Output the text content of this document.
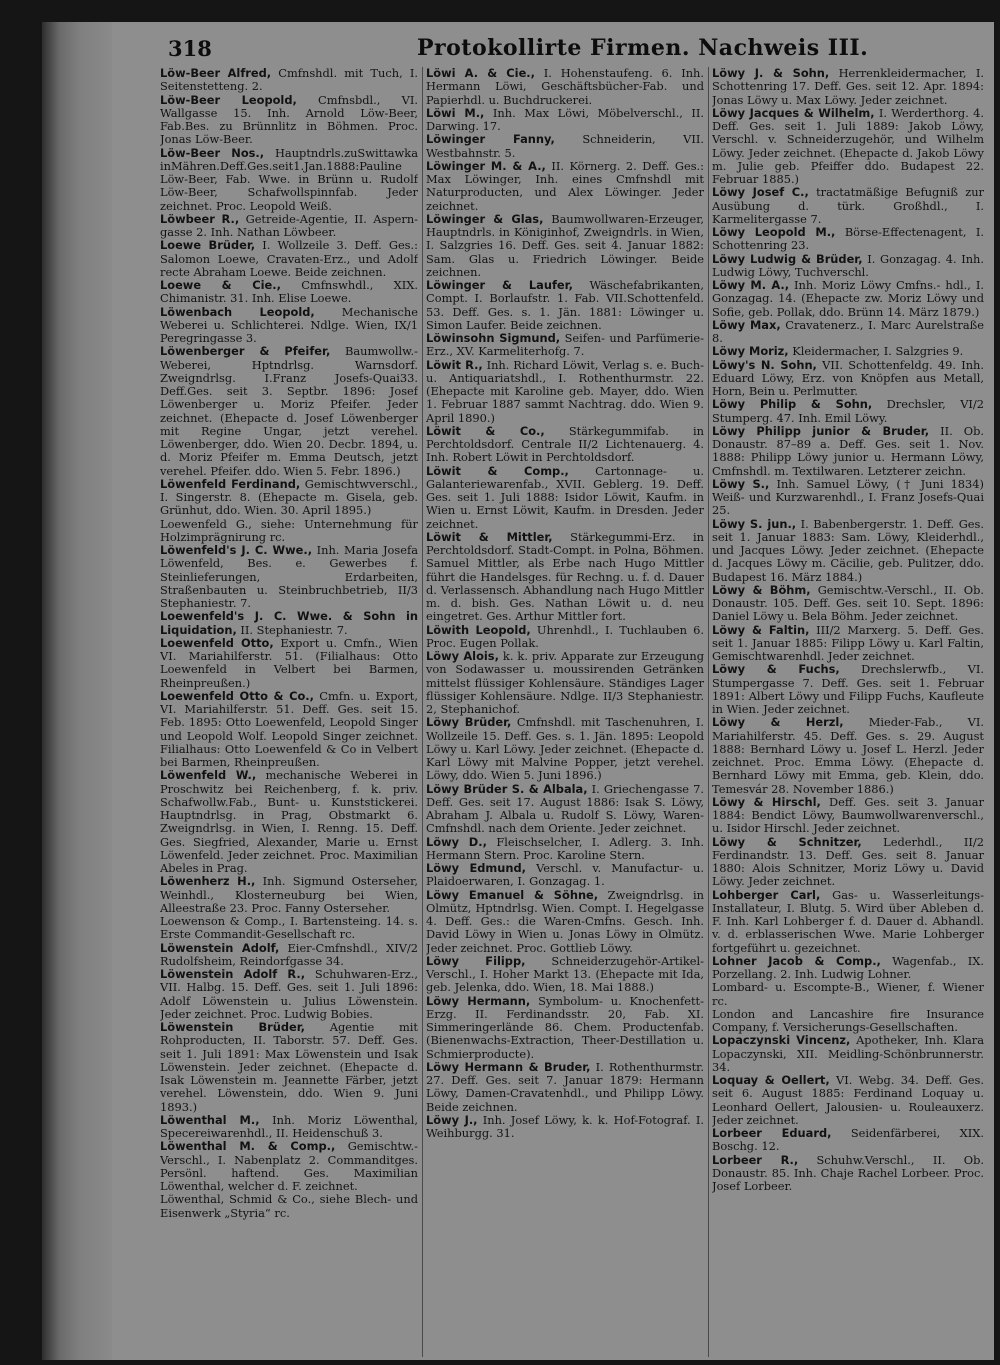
318	Protokollirte Firmen. Nachweis III.

Löw-Beer Alfred, Cmfnshdl. mit Tuch, I. Seitenstetteng. 2.

Löw-Beer Leopold, Cmfnsbdl., VI. Wallgasse 15. Inh. Arnold Löw-Beer, Fab.Bes. zu Brünnlitz in Böhmen. Proc. Jonas Löw-Beer.

Löw-Beer Nos., Hauptndrls.zuSwittawka inMähren.Deff.Ges.seit1.Jan.1888:Pauline Löw-Beer, Fab. Wwe. in Brünn u. Rudolf Löw-Beer, Schafwollspinnfab. Jeder zeichnet. Proc. Leopold Weiß.

Löwbeer R., Getreide-Agentie, II. Aspern- gasse 2. Inh. Nathan Löwbeer.

Loewe Brüder, I. Wollzeile 3. Deff. Ges.: Salomon Loewe, Cravaten-Erz., und Adolf recte Abraham Loewe. Beide zeichnen.

Loewe & Cie., Cmfnswhdl., XIX. Chimanistr. 31. Inh. Elise Loewe.

Löwenbach Leopold, Mechanische Weberei u. Schlichterei. Ndlge. Wien, IX/1 Peregringasse 3.

Löwenberger & Pfeifer, Baumwollw.-Weberei, Hptndrlsg. Warnsdorf. Zweigndrlsg. I.Franz Josefs-Quai33. Deff.Ges. seit 3. Septbr. 1896: Josef Löwenberger u. Moriz Pfeifer. Jeder zeichnet. (Ehepacte d. Josef Löwenberger mit Regine Ungar, jetzt verehel. Löwenberger, ddo. Wien 20. Decbr. 1894, u. d. Moriz Pfeifer m. Emma Deutsch, jetzt verehel. Pfeifer. ddo. Wien 5. Febr. 1896.)

Löwenfeld Ferdinand, Gemischtwverschl., I. Singerstr. 8. (Ehepacte m. Gisela, geb. Grünhut, ddo. Wien. 30. April 1895.)

Loewenfeld G., siehe: Unternehmung für Holzimprägnirung rc.

Löwenfeld's J. C. Wwe., Inh. Maria Josefa Löwenfeld, Bes. e. Gewerbes f. Steinlieferungen, Erdarbeiten, Straßenbauten u. Steinbruchbetrieb, II/3 Stephaniestr. 7.

Loewenfeld's J. C. Wwe. & Sohn in Liquidation, II. Stephaniestr. 7.

Loewenfeld Otto, Export u. Cmfn., Wien VI. Mariahilferstr. 51. (Filialhaus: Otto Loewenfeld in Velbert bei Barmen, Rheinpreußen.)

Loewenfeld Otto & Co., Cmfn. u. Export, VI. Mariahilferstr. 51. Deff. Ges. seit 15. Feb. 1895: Otto Loewenfeld, Leopold Singer und Leopold Wolf. Leopold Singer zeichnet. Filialhaus: Otto Loewenfeld & Co in Velbert bei Barmen, Rheinpreußen.

Löwenfeld W., mechanische Weberei in Proschwitz bei Reichenberg, f. k. priv. Schafwollw.Fab., Bunt- u. Kunststickerei. Hauptndrlsg. in Prag, Obstmarkt 6. Zweigndrlsg. in Wien, I. Renng. 15. Deff. Ges. Siegfried, Alexander, Marie u. Ernst Löwenfeld. Jeder zeichnet. Proc. Maximilian Abeles in Prag.

Löwenherz H., Inh. Sigmund Osterseher, Weinhdl., Klosterneuburg bei Wien, Alleestraße 23. Proc. Fanny Osterseher.

Loewenson & Comp., I. Bartensteing. 14. s. Erste Commandit-Gesellschaft rc.

Löwenstein Adolf, Eier-Cmfnshdl., XIV/2 Rudolfsheim, Reindorfgasse 34.

Löwenstein Adolf R., Schuhwaren-Erz., VII. Halbg. 15. Deff. Ges. seit 1. Juli 1896: Adolf Löwenstein u. Julius Löwenstein. Jeder zeichnet. Proc. Ludwig Bobies.

Löwenstein Brüder, Agentie mit Rohproducten, II. Taborstr. 57. Deff. Ges. seit 1. Juli 1891: Max Löwenstein und Isak Löwenstein. Jeder zeichnet. (Ehepacte d. Isak Löwenstein m. Jeannette Färber, jetzt verehel. Löwenstein, ddo. Wien 9. Juni 1893.)

Löwenthal M., Inh. Moriz Löwenthal, Specereiwarenhdl., II. Heidenschuß 3.

Löwenthal M. & Comp., Gemischtw.- Verschl., I. Nabenplatz 2. Commanditges. Persönl. haftend. Ges. Maximilian Löwenthal, welcher d. F. zeichnet.

Löwenthal, Schmid & Co., siehe Blech- und Eisenwerk „Styria“ rc.

Löwi A. & Cie., I. Hohenstaufeng. 6. Inh. Hermann Löwi, Geschäftsbücher-Fab. und Papierhdl. u. Buchdruckerei.

Löwi M., Inh. Max Löwi, Möbelverschl., II. Darwing. 17.

Löwinger Fanny, Schneiderin, VII. Westbahnstr. 5.

Löwinger M. & A., II. Körnerg. 2. Deff. Ges.: Max Löwinger, Inh. eines Cmfnshdl mit Naturproducten, und Alex Löwinger. Jeder zeichnet.

Löwinger & Glas, Baumwollwaren-Erzeuger, Hauptndrls. in Königinhof, Zweigndrls. in Wien, I. Salzgries 16. Deff. Ges. seit 4. Januar 1882: Sam. Glas u. Friedrich Löwinger. Beide zeichnen.

Löwinger & Laufer, Wäschefabrikanten, Compt. I. Borlaufstr. 1. Fab. VII.Schottenfeld. 53. Deff. Ges. s. 1. Jän. 1881: Löwinger u. Simon Laufer. Beide zeichnen.

Löwinsohn Sigmund, Seifen- und Parfümerie-Erz., XV. Karmeliterhofg. 7.

Löwit R., Inh. Richard Löwit, Verlag s. e. Buch- u. Antiquariatshdl., I. Rothenthurmstr. 22. (Ehepacte mit Karoline geb. Mayer, ddo. Wien 1. Februar 1887 sammt Nachtrag. ddo. Wien 9. April 1890.)

Löwit & Co., Stärkegummifab. in Perchtoldsdorf. Centrale II/2 Lichtenauerg. 4. Inh. Robert Löwit in Perchtoldsdorf.

Löwit & Comp., Cartonnage- u. Galanteriewarenfab., XVII. Geblerg. 19. Deff. Ges. seit 1. Juli 1888: Isidor Löwit, Kaufm. in Wien u. Ernst Löwit, Kaufm. in Dresden. Jeder zeichnet.

Löwit & Mittler, Stärkegummi-Erz. in Perchtoldsdorf. Stadt-Compt. in Polna, Böhmen. Samuel Mittler, als Erbe nach Hugo Mittler führt die Handelsges. für Rechng. u. f. d. Dauer d. Verlassensch. Abhandlung nach Hugo Mittler m. d. bish. Ges. Nathan Löwit u. d. neu eingetret. Ges. Arthur Mittler fort.

Löwith Leopold, Uhrenhdl., I. Tuchlauben 6. Proc. Eugen Pollak.

Löwy Alois, k. k. priv. Apparate zur Erzeugung von Sodawasser u. moussirenden Getränken mittelst flüssiger Kohlensäure. Ständiges Lager flüssiger Kohlensäure. Ndlge. II/3 Stephaniestr. 2, Stephanichof.

Löwy Brüder, Cmfnshdl. mit Taschenuhren, I. Wollzeile 15. Deff. Ges. s. 1. Jän. 1895: Leopold Löwy u. Karl Löwy. Jeder zeichnet. (Ehepacte d. Karl Löwy mit Malvine Popper, jetzt verehel. Löwy, ddo. Wien 5. Juni 1896.)

Löwy Brüder S. & Albala, I. Griechengasse 7. Deff. Ges. seit 17. August 1886: Isak S. Löwy, Abraham J. Albala u. Rudolf S. Löwy, Waren-Cmfnshdl. nach dem Oriente. Jeder zeichnet.

Löwy D., Fleischselcher, I. Adlerg. 3. Inh. Hermann Stern. Proc. Karoline Stern.

Löwy Edmund, Verschl. v. Manufactur- u. Plaidoerwaren, I. Gonzagag. 1.

Löwy Emanuel & Söhne, Zweigndrlsg. in Olmütz, Hptndrlsg. Wien. Compt. I. Hegelgasse 4. Deff. Ges.: die Waren-Cmfns. Gesch. Inh. David Löwy in Wien u. Jonas Löwy in Olmütz. Jeder zeichnet. Proc. Gottlieb Löwy.

Löwy Filipp, Schneiderzugehör-Artikel-Verschl., I. Hoher Markt 13. (Ehepacte mit Ida, geb. Jelenka, ddo. Wien, 18. Mai 1888.)

Löwy Hermann, Symbolum- u. Knochenfett-Erzg. II. Ferdinandsstr. 20, Fab. XI. Simmeringerlände 86. Chem. Productenfab. (Bienenwachs-Extraction, Theer-Destillation u. Schmierproducte).

Löwy Hermann & Bruder, I. Rothenthurmstr. 27. Deff. Ges. seit 7. Januar 1879: Hermann Löwy, Damen-Cravatenhdl., und Philipp Löwy. Beide zeichnen.

Löwy J., Inh. Josef Löwy, k. k. Hof-Fotograf. I. Weihburgg. 31.

Löwy J. & Sohn, Herrenkleidermacher, I. Schottenring 17. Deff. Ges. seit 12. Apr. 1894: Jonas Löwy u. Max Löwy. Jeder zeichnet.

Löwy Jacques & Wilhelm, I. Werderthorg. 4. Deff. Ges. seit 1. Juli 1889: Jakob Löwy, Verschl. v. Schneiderzugehör, und Wilhelm Löwy. Jeder zeichnet. (Ehepacte d. Jakob Löwy m. Julie geb. Pfeiffer ddo. Budapest 22. Februar 1885.)

Löwy Josef C., tractatmäßige Befugniß zur Ausübung d. türk. Großhdl., I. Karmelitergasse 7.

Löwy Leopold M., Börse-Effectenagent, I. Schottenring 23.

Löwy Ludwig & Brüder, I. Gonzagag. 4. Inh. Ludwig Löwy, Tuchverschl.

Löwy M. A., Inh. Moriz Löwy Cmfns.- hdl., I. Gonzagag. 14. (Ehepacte zw. Moriz Löwy und Sofie, geb. Pollak, ddo. Brünn 14. März 1879.)

Löwy Max, Cravatenerz., I. Marc Aurelstraße 8.

Löwy Moriz, Kleidermacher, I. Salzgries 9.

Löwy's N. Sohn, VII. Schottenfeldg. 49. Inh. Eduard Löwy, Erz. von Knöpfen aus Metall, Horn, Bein u. Perlmutter.

Löwy Philip & Sohn, Drechsler, VI/2 Stumperg. 47. Inh. Emil Löwy.

Löwy Philipp junior & Bruder, II. Ob. Donaustr. 87–89 a. Deff. Ges. seit 1. Nov. 1888: Philipp Löwy junior u. Hermann Löwy, Cmfnshdl. m. Textilwaren. Letzterer zeichn.

Löwy S., Inh. Samuel Löwy, († Juni 1834) Weiß- und Kurzwarenhdl., I. Franz Josefs-Quai 25.

Löwy S. jun., I. Babenbergerstr. 1. Deff. Ges. seit 1. Januar 1883: Sam. Löwy, Kleiderhdl., und Jacques Löwy. Jeder zeichnet. (Ehepacte d. Jacques Löwy m. Cäcilie, geb. Pulitzer, ddo. Budapest 16. März 1884.)

Löwy & Böhm, Gemischtw.-Verschl., II. Ob. Donaustr. 105. Deff. Ges. seit 10. Sept. 1896: Daniel Löwy u. Bela Böhm. Jeder zeichnet.

Löwy & Faltin, III/2 Marxerg. 5. Deff. Ges. seit 1. Januar 1885: Filipp Löwy u. Karl Faltin, Gemischtwarenhdl. Jeder zeichnet.

Löwy & Fuchs, Drechslerwfb., VI. Stumpergasse 7. Deff. Ges. seit 1. Februar 1891: Albert Löwy und Filipp Fuchs, Kaufleute in Wien. Jeder zeichnet.

Löwy & Herzl, Mieder-Fab., VI. Mariahilferstr. 45. Deff. Ges. s. 29. August 1888: Bernhard Löwy u. Josef L. Herzl. Jeder zeichnet. Proc. Emma Löwy. (Ehepacte d. Bernhard Löwy mit Emma, geb. Klein, ddo. Temesvár 28. November 1886.)

Löwy & Hirschl, Deff. Ges. seit 3. Januar 1884: Bendict Löwy, Baumwollwarenverschl., u. Isidor Hirschl. Jeder zeichnet.

Löwy & Schnitzer, Lederhdl., II/2 Ferdinandstr. 13. Deff. Ges. seit 8. Januar 1880: Alois Schnitzer, Moriz Löwy u. David Löwy. Jeder zeichnet.

Lohberger Carl, Gas- u. Wasserleitungs-Installateur, I. Blutg. 5. Wird über Ableben d. F. Inh. Karl Lohberger f. d. Dauer d. Abhandl. v. d. erblasserischen Wwe. Marie Lohberger fortgeführt u. gezeichnet.

Lohner Jacob & Comp., Wagenfab., IX. Porzellang. 2. Inh. Ludwig Lohner.

Lombard- u. Escompte-B., Wiener, f. Wiener rc.

London and Lancashire fire Insurance Company, f. Versicherungs-Gesellschaften.

Lopaczynski Vincenz, Apotheker, Inh. Klara Lopaczynski, XII. Meidling-Schönbrunnerstr. 34.

Loquay & Oellert, VI. Webg. 34. Deff. Ges. seit 6. August 1885: Ferdinand Loquay u. Leonhard Oellert, Jalousien- u. Rouleauxerz. Jeder zeichnet.

Lorbeer Eduard, Seidenfärberei, XIX. Boschg. 12.

Lorbeer R., Schuhw.Verschl., II. Ob. Donaustr. 85. Inh. Chaje Rachel Lorbeer. Proc. Josef Lorbeer.
